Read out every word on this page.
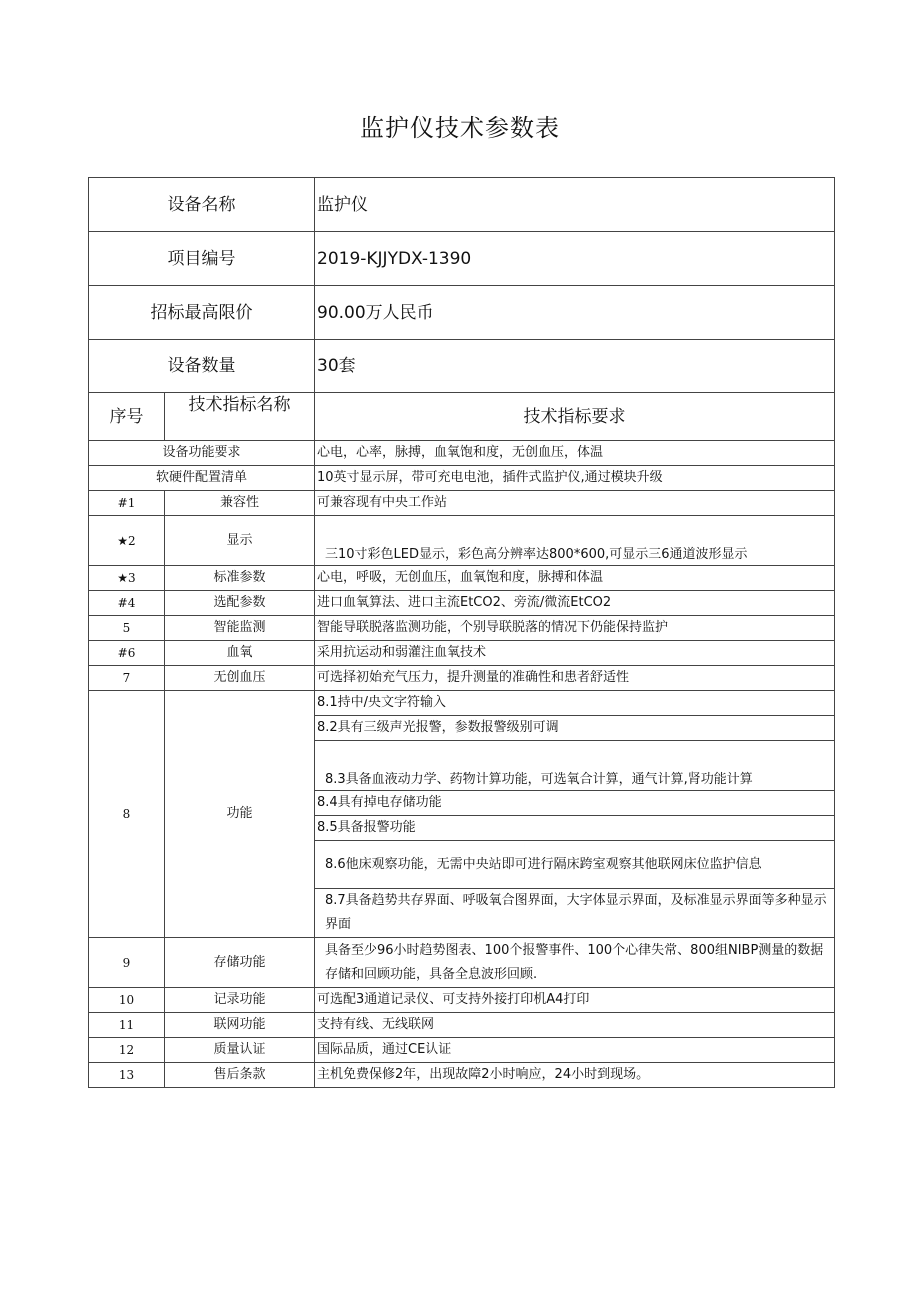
监护仪技术参数表
设备名称		监护仪
项目编号		2019-KJJYDX-1390
招标最高限价		90.00万人民币
设备数量		30套
序号	技术指标名称	技术指标要求
设备功能要求		心电，心率，脉搏，血氧饱和度，无创血压，体温
软硬件配置清单		10英寸显示屏，带可充电电池，插件式监护仪,通过模块升级
#1	兼容性	可兼容现有中央工作站
★2	显示	三10寸彩色LED显示，彩色高分辨率达800*600,可显示三6通道波形显示
★3	标准参数	心电，呼吸，无创血压，血氧饱和度，脉搏和体温
#4	选配参数	进口血氧算法、进口主流EtCO2、旁流/微流EtCO2
5	智能监测	智能导联脱落监测功能，个别导联脱落的情况下仍能保持监护
#6	血氧	采用抗运动和弱灌注血氧技术
7	无创血压	可选择初始充气压力，提升测量的准确性和患者舒适性
8	功能	8.1持中/央文字符输入
		8.2具有三级声光报警，参数报警级别可调
		8.3具备血液动力学、药物计算功能，可选氧合计算，通气计算,肾功能计算
		8.4具有掉电存储功能
		8.5具备报警功能
		8.6他床观察功能，无需中央站即可进行隔床跨室观察其他联网床位监护信息
		8.7具备趋势共存界面、呼吸氧合图界面，大字体显示界面，及标准显示界面等多种显示界面
9	存储功能	具备至少96小时趋势图表、100个报警事件、100个心律失常、800组NIBP测量的数据存储和回顾功能，具备全息波形回顾.
10	记录功能	可选配3通道记录仪、可支持外接打印机A4打印
11	联网功能	支持有线、无线联网
12	质量认证	国际品质，通过CE认证
13	售后条款	主机免费保修2年，出现故障2小时响应，24小时到现场。
